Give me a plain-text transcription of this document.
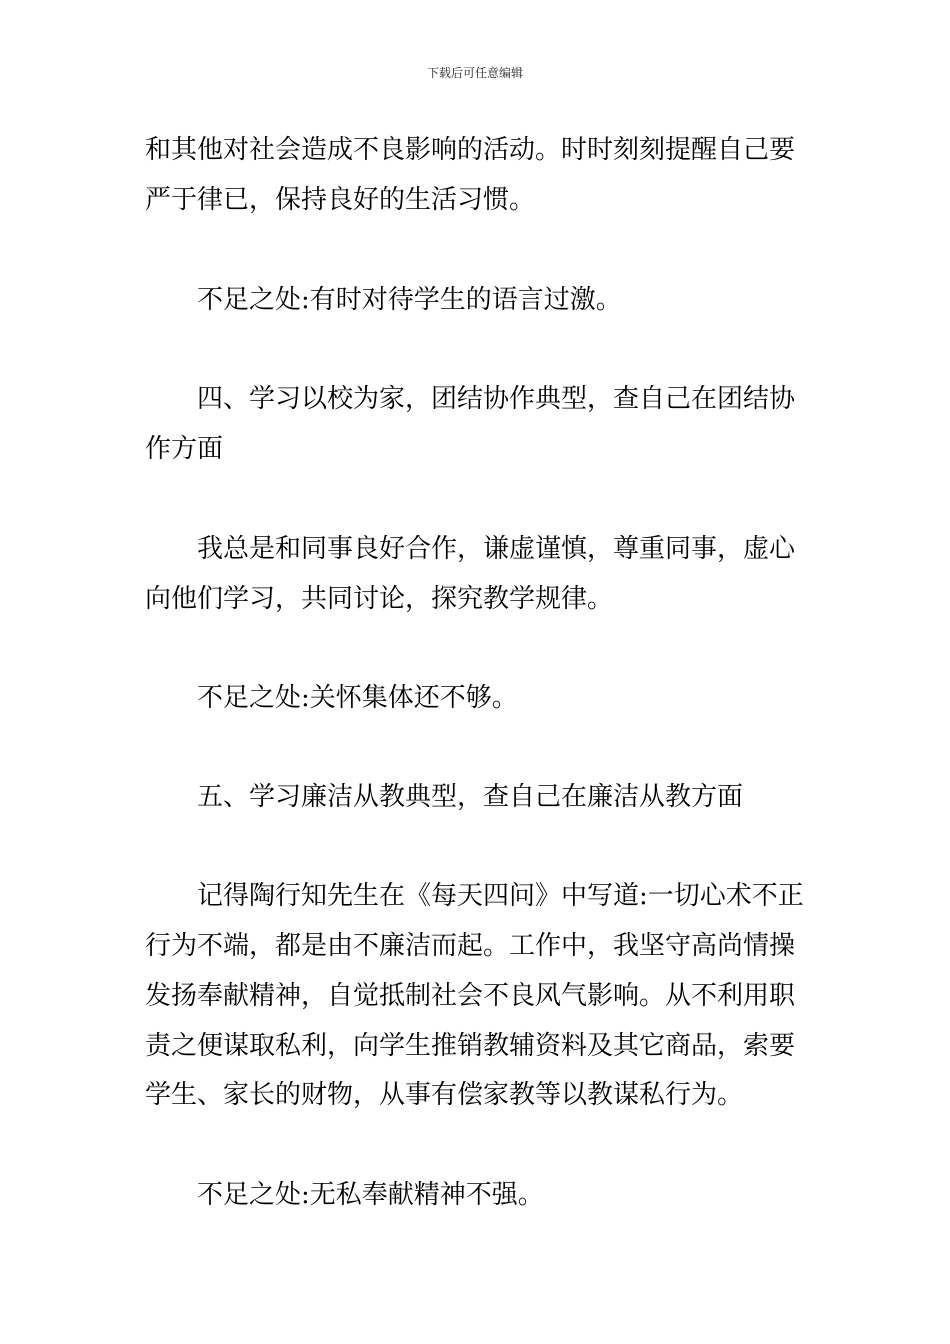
下载后可任意编辑
和其他对社会造成不良影响的活动。时时刻刻提醒自己要
严于律已，保持良好的生活习惯。
不足之处:有时对待学生的语言过激。
四、学习以校为家，团结协作典型，查自己在团结协
作方面
我总是和同事良好合作，谦虚谨慎，尊重同事，虚心
向他们学习，共同讨论，探究教学规律。
不足之处:关怀集体还不够。
五、学习廉洁从教典型，查自己在廉洁从教方面
记得陶行知先生在《每天四问》中写道:一切心术不正
行为不端，都是由不廉洁而起。工作中，我坚守高尚情操
发扬奉献精神，自觉抵制社会不良风气影响。从不利用职
责之便谋取私利，向学生推销教辅资料及其它商品，索要
学生、家长的财物，从事有偿家教等以教谋私行为。
不足之处:无私奉献精神不强。
